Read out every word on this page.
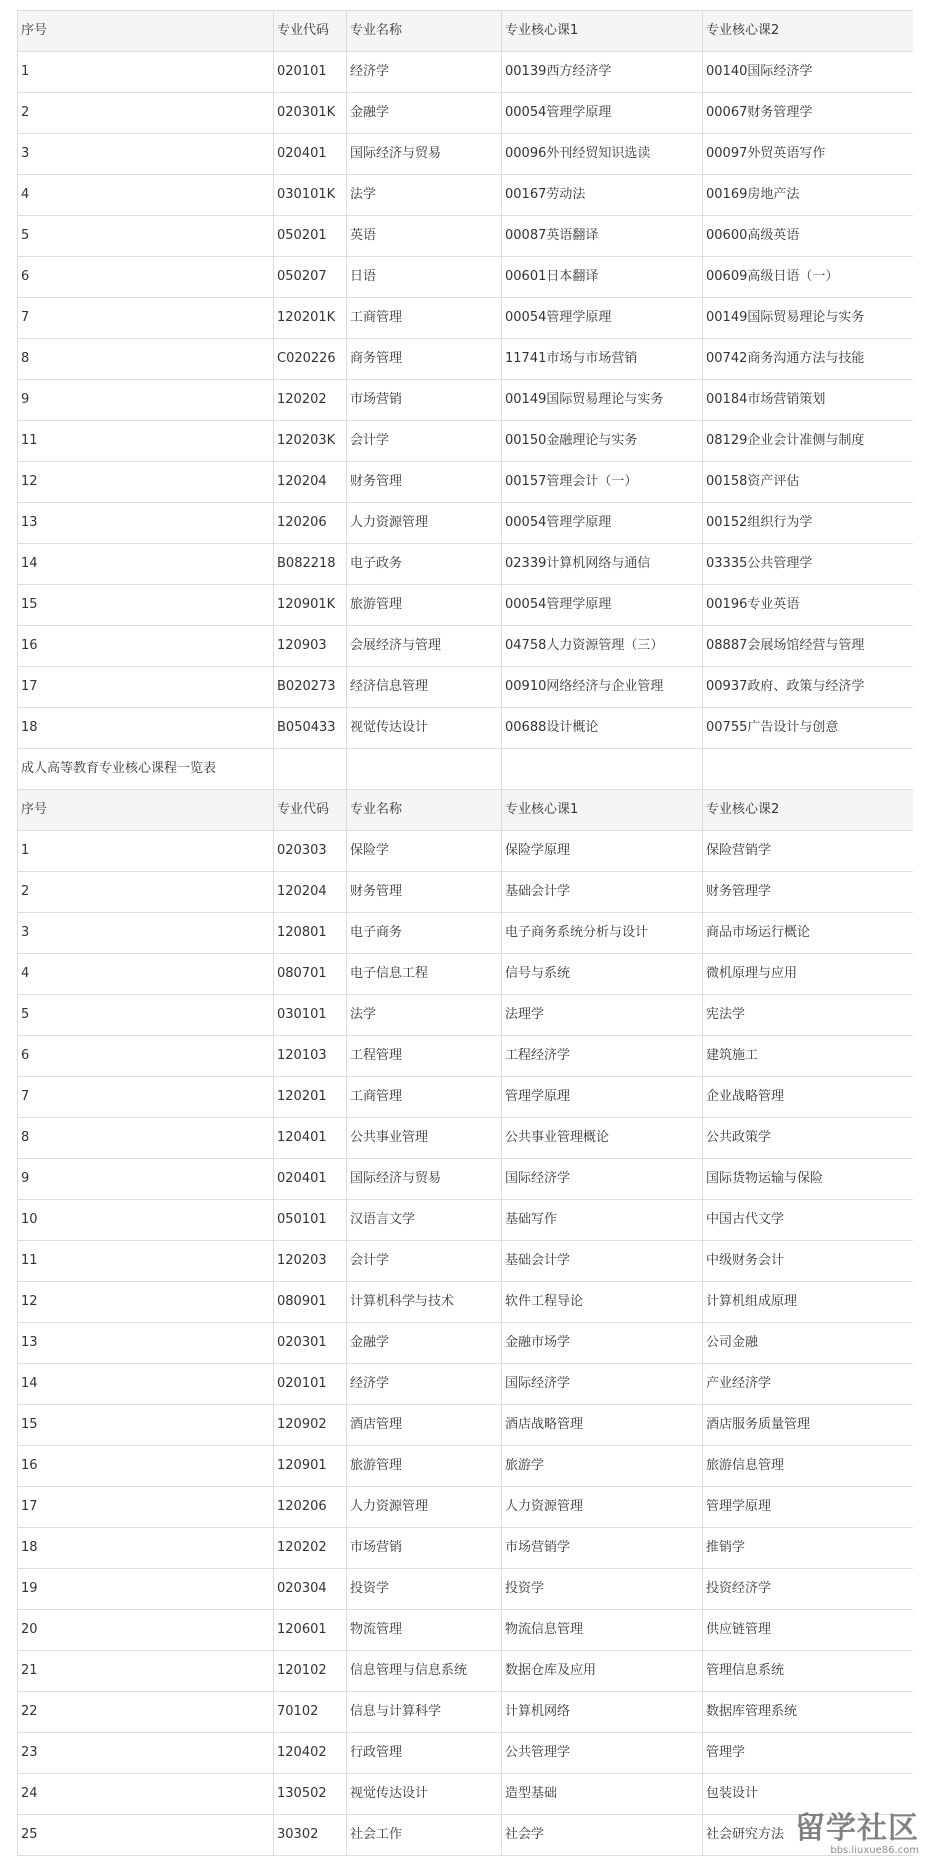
序号	专业代码	专业名称	专业核心课1	专业核心课2
1	020101	经济学	00139西方经济学	00140国际经济学
2	020301K	金融学	00054管理学原理	00067财务管理学
3	020401	国际经济与贸易	00096外刊经贸知识选读	00097外贸英语写作
4	030101K	法学	00167劳动法	00169房地产法
5	050201	英语	00087英语翻译	00600高级英语
6	050207	日语	00601日本翻译	00609高级日语（一）
7	120201K	工商管理	00054管理学原理	00149国际贸易理论与实务
8	C020226	商务管理	11741市场与市场营销	00742商务沟通方法与技能
9	120202	市场营销	00149国际贸易理论与实务	00184市场营销策划
11	120203K	会计学	00150金融理论与实务	08129企业会计准侧与制度
12	120204	财务管理	00157管理会计（一）	00158资产评估
13	120206	人力资源管理	00054管理学原理	00152组织行为学
14	B082218	电子政务	02339计算机网络与通信	03335公共管理学
15	120901K	旅游管理	00054管理学原理	00196专业英语
16	120903	会展经济与管理	04758人力资源管理（三）	08887会展场馆经营与管理
17	B020273	经济信息管理	00910网络经济与企业管理	00937政府、政策与经济学
18	B050433	视觉传达设计	00688设计概论	00755广告设计与创意
成人高等教育专业核心课程一览表				
序号	专业代码	专业名称	专业核心课1	专业核心课2
1	020303	保险学	保险学原理	保险营销学
2	120204	财务管理	基础会计学	财务管理学
3	120801	电子商务	电子商务系统分析与设计	商品市场运行概论
4	080701	电子信息工程	信号与系统	微机原理与应用
5	030101	法学	法理学	宪法学
6	120103	工程管理	工程经济学	建筑施工
7	120201	工商管理	管理学原理	企业战略管理
8	120401	公共事业管理	公共事业管理概论	公共政策学
9	020401	国际经济与贸易	国际经济学	国际货物运输与保险
10	050101	汉语言文学	基础写作	中国古代文学
11	120203	会计学	基础会计学	中级财务会计
12	080901	计算机科学与技术	软件工程导论	计算机组成原理
13	020301	金融学	金融市场学	公司金融
14	020101	经济学	国际经济学	产业经济学
15	120902	酒店管理	酒店战略管理	酒店服务质量管理
16	120901	旅游管理	旅游学	旅游信息管理
17	120206	人力资源管理	人力资源管理	管理学原理
18	120202	市场营销	市场营销学	推销学
19	020304	投资学	投资学	投资经济学
20	120601	物流管理	物流信息管理	供应链管理
21	120102	信息管理与信息系统	数据仓库及应用	管理信息系统
22	70102	信息与计算科学	计算机网络	数据库管理系统
23	120402	行政管理	公共管理学	管理学
24	130502	视觉传达设计	造型基础	包装设计
25	30302	社会工作	社会学	社会研究方法 留学社区
bbs.liuxue86.com
